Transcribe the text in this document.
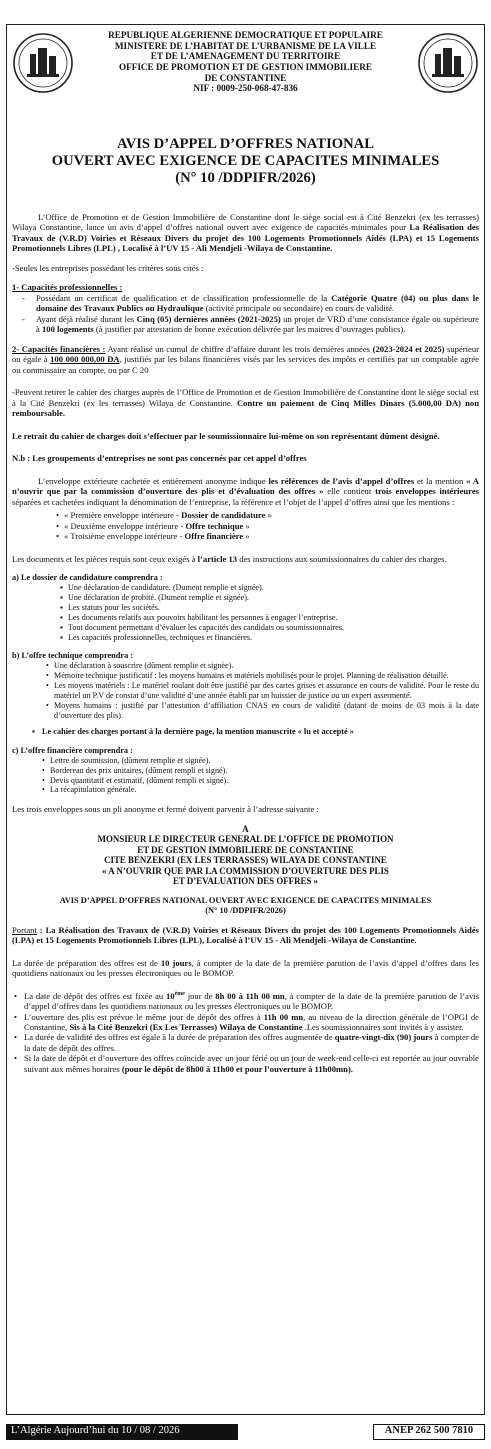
REPUBLIQUE ALGERIENNE DEMOCRATIQUE ET POPULAIRE
MINISTERE DE L’HABITAT DE L’URBANISME DE LA VILLE
ET DE L’AMENAGEMENT DU TERRITOIRE
OFFICE DE PROMOTION ET DE GESTION IMMOBILIERE
DE CONSTANTINE
NIF : 0009-250-068-47-836
AVIS D’APPEL D’OFFRES NATIONAL
OUVERT AVEC EXIGENCE DE CAPACITES MINIMALES
(N° 10 /DDPIFR/2026)

L’Office de Promotion et de Gestion Immobilière de Constantine dont le siège social est à Cité Benzekri (ex les terrasses) Wilaya Constantine, lance un avis d’appel d’offres national ouvert avec exigence de capacités minimales pour La Réalisation des Travaux de (V.R.D) Voiries et Réseaux Divers du projet des 100 Logements Promotionnels Aidés (LPA) et 15 Logements Promotionnels Libres (LPL) , Localisé à l’UV 15 - Ali Mendjeli -Wilaya de Constantine.

-Seules les entreprises possédant les critères sous cités :

1- Capacités professionnelles :
- Possédant un certificat de qualification et de classification professionnelle de la Catégorie Quatre (04) ou plus dans le domaine des Travaux Publics ou Hydraulique (activité principale ou secondaire) en cours de validité.
- Ayant déjà réalisé durant les Cinq (05) dernières années (2021-2025) un projet de VRD d’une consistance égale ou supérieure à 100 logements (à justifier par attestation de bonne exécution délivrée par les maitres d’ouvrages publics).

2- Capacités financières : Ayant réalisé un cumul de chiffre d’affaire durant les trois dernières années (2023-2024 et 2025) supérieur ou égale à 100 000 000,00 DA, justifiés par les bilans financières visés par les services des impôts et certifiés par un comptable agrée ou commissaire au compte, ou par C 20

-Peuvent retirer le cahier des charges auprès de l’Office de Promotion et de Gestion Immobilière de Constantine dont le siège social est à la Cité Benzekri (ex les terrasses) Wilaya de Constantine. Contre un paiement de Cinq Milles Dinars (5.000,00 DA) non remboursable.

Le retrait du cahier de charges doit s’effectuer par le soumissionnaire lui-même ou son représentant dûment désigné.

N.b : Les groupements d’entreprises ne sont pas concernés par cet appel d’offres

L’enveloppe extérieure cachetée et entièrement anonyme indique les références de l’avis d’appel d’offres et la mention « A n’ouvrir que par la commission d’ouverture des plis et d’évaluation des offres » elle contient trois enveloppes intérieures séparées et cachetées indiquant la dénomination de l’entreprise, la référence et l’objet de l’appel d’offres ainsi que les mentions :

• « Première enveloppe intérieure - Dossier de candidature »
• « Deuxième enveloppe intérieure - Offre technique »
• « Troisième enveloppe intérieure - Offre financière »

Les documents et les pièces requis sont ceux exigés à l’article 13 des instructions aux soumissionnaires du cahier des charges.

a) Le dossier de candidature comprendra :
▪ Une déclaration de candidature. (Dument remplie et signée).
▪ Une déclaration de probité. (Dument remplie et signée).
▪ Les statuts pour les sociétés.
▪ Les documents relatifs aux pouvoirs habilitant les personnes à engager l’entreprise.
▪ Tout document permettant d’évaluer les capacités des candidats ou soumissionnaires.
▪ Les capacités professionnelles, techniques et financières.
b) L’offre technique comprendra :
• Une déclaration à souscrire (dûment remplie et signée).
• Mémoire technique justificatif : les moyens humains et matériels mobilisés pour le projet. Planning de réalisation détaillé.
• Les moyens matériels : Le matériel roulant doit être justifié par des cartes grises et assurance en cours de validité. Pour le reste du matériel un P.V de constat d’une validité d’une année établi par un huissier de justice ou un expert assermenté.
• Moyens humains : justifié par l’attestation d’affiliation CNAS en cours de validité (datant de moins de 03 mois à la date d’ouverture des plis).
▪ Le cahier des charges portant à la dernière page, la mention manuscrite « lu et accepté »
c) L’offre financière comprendra :
• Lettre de soumission, (dûment remplie et signée).
• Bordereau des prix unitaires, (dûment rempli et signé).
• Devis quantitatif et estimatif, (dûment rempli et signé).
• La récapitulation générale.

Les trois enveloppes sous un pli anonyme et fermé doivent parvenir à l’adresse suivante :

A
MONSIEUR LE DIRECTEUR GENERAL DE L’OFFICE DE PROMOTION
ET DE GESTION IMMOBILIERE DE CONSTANTINE
CITE BENZEKRI (EX LES TERRASSES) WILAYA DE CONSTANTINE
« A N’OUVRIR QUE PAR LA COMMISSION D’OUVERTURE DES PLIS
ET D’EVALUATION DES OFFRES »
AVIS D’APPEL D’OFFRES NATIONAL OUVERT AVEC EXIGENCE DE CAPACITES MINIMALES
(N° 10 /DDPIFR/2026)

Portant : La Réalisation des Travaux de (V.R.D) Voiries et Réseaux Divers du projet des 100 Logements Promotionnels Aidés (LPA) et 15 Logements Promotionnels Libres (LPL), Localisé à l’UV 15 - Ali Mendjeli -Wilaya de Constantine.

La durée de préparation des offres est de 10 jours, à compter de la date de la première parution de l’avis d’appel d’offres dans les quotidiens nationaux ou les presses électroniques ou le BOMOP.

• La date de dépôt des offres est fixée au 10ème jour de 8h 00 à 11h 00 mn, à compter de la date de la première parution de l’avis d’appel d’offres dans les quotidiens nationaux ou les presses électroniques ou le BOMOP.
• L’ouverture des plis est prévue le même jour de dépôt des offres à 11h 00 mn, au niveau de la direction générale de l’OPGI de Constantine, Sis à la Cité Benzekri (Ex Les Terrasses) Wilaya de Constantine .Les soumissionnaires sont invités à y assister.
• La durée de validité des offres est égale à la durée de préparation des offres augmentée de quatre-vingt-dix (90) jours à compter de la date de dépôt des offres.
• Si la date de dépôt et d’ouverture des offres coïncide avec un jour férié ou un jour de week-end celle-ci est reportée au jour ouvrable suivant aux mêmes horaires (pour le dépôt de 8h00 à 11h00 et pour l’ouverture à 11h00mn).
L’Algérie Aujourd’hui du 10 / 08 / 2026	ANEP 262 500 7810
